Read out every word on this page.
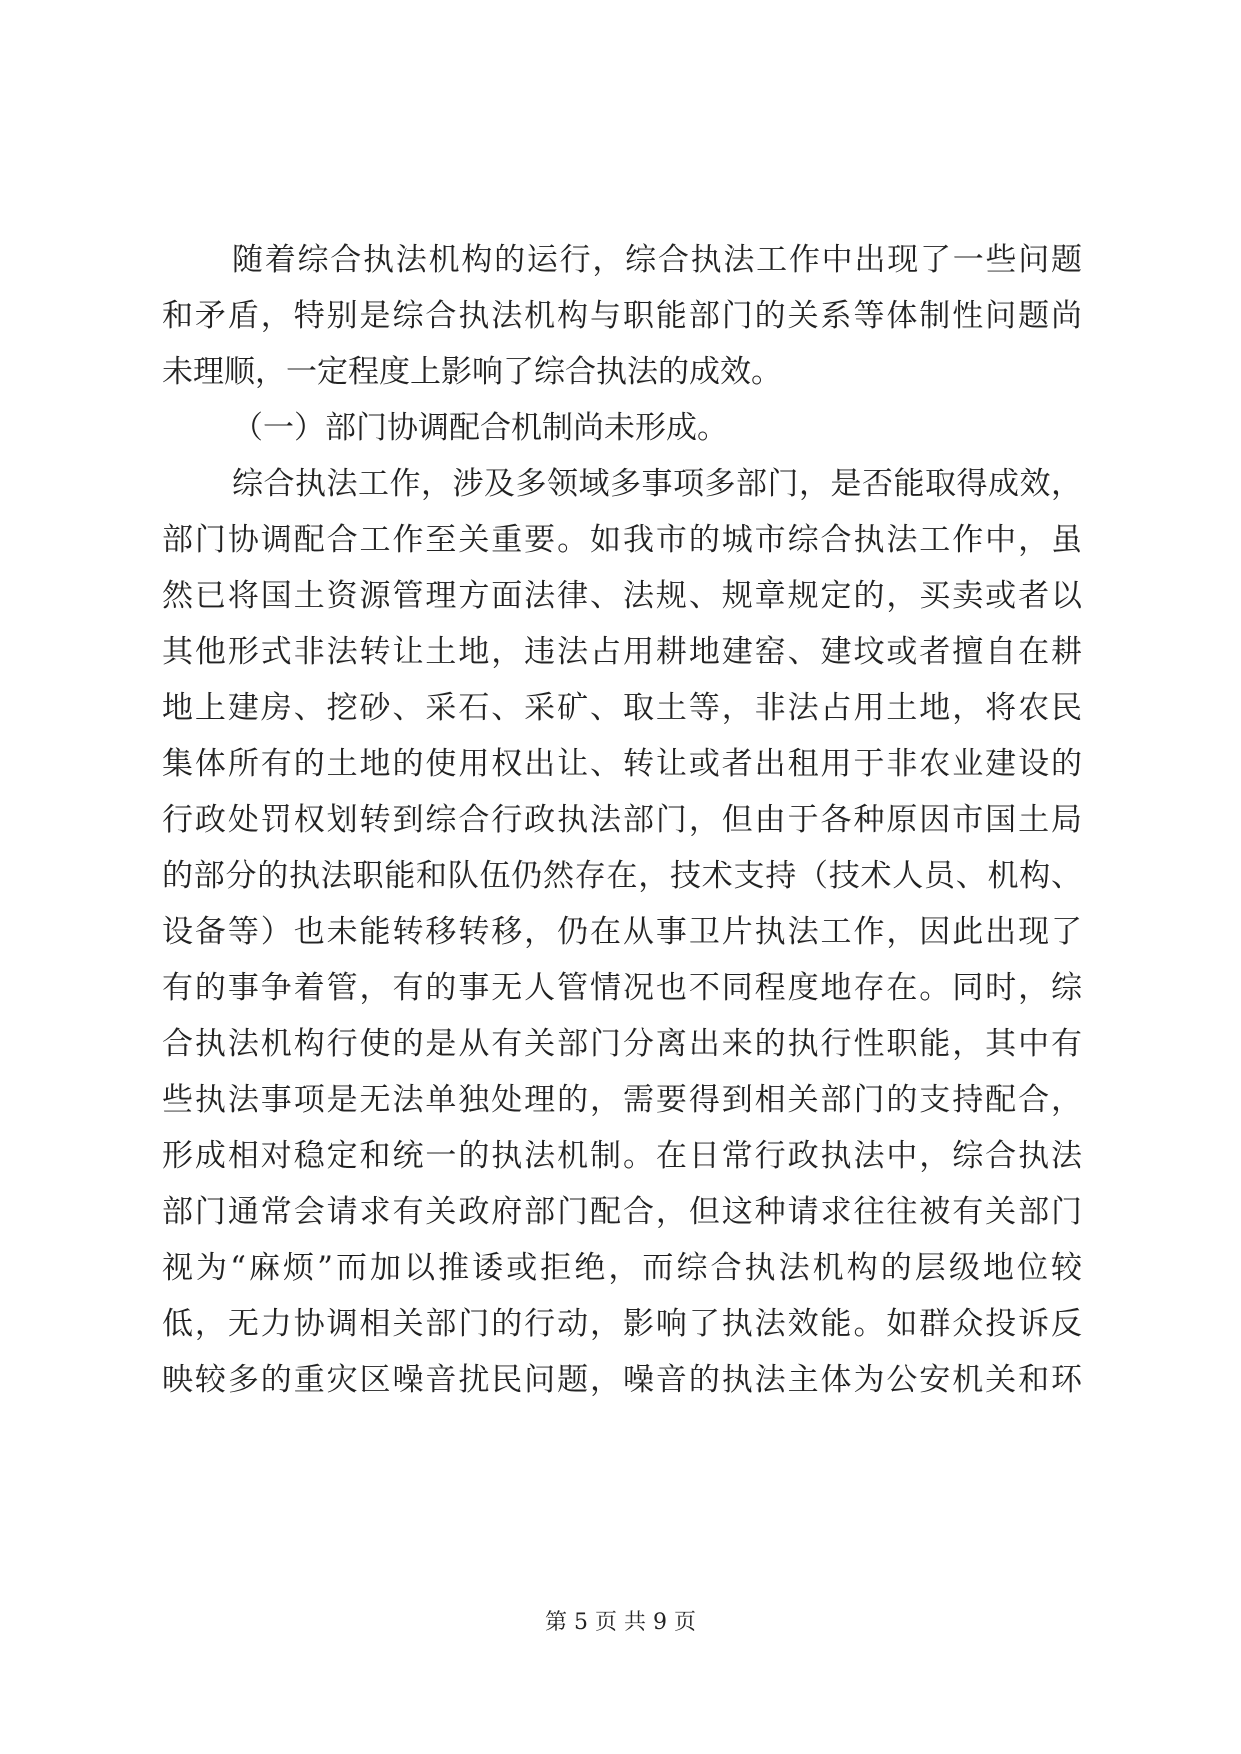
随着综合执法机构的运行，综合执法工作中出现了一些问题
和矛盾，特别是综合执法机构与职能部门的关系等体制性问题尚
未理顺，一定程度上影响了综合执法的成效。
（一）部门协调配合机制尚未形成。
综合执法工作，涉及多领域多事项多部门，是否能取得成效，
部门协调配合工作至关重要。如我市的城市综合执法工作中，虽
然已将国土资源管理方面法律、法规、规章规定的，买卖或者以
其他形式非法转让土地，违法占用耕地建窑、建坟或者擅自在耕
地上建房、挖砂、采石、采矿、取土等，非法占用土地，将农民
集体所有的土地的使用权出让、转让或者出租用于非农业建设的
行政处罚权划转到综合行政执法部门，但由于各种原因市国土局
的部分的执法职能和队伍仍然存在，技术支持（技术人员、机构、
设备等）也未能转移转移，仍在从事卫片执法工作，因此出现了
有的事争着管，有的事无人管情况也不同程度地存在。同时，综
合执法机构行使的是从有关部门分离出来的执行性职能，其中有
些执法事项是无法单独处理的，需要得到相关部门的支持配合，
形成相对稳定和统一的执法机制。在日常行政执法中，综合执法
部门通常会请求有关政府部门配合，但这种请求往往被有关部门
视为“麻烦”而加以推诿或拒绝，而综合执法机构的层级地位较
低，无力协调相关部门的行动，影响了执法效能。如群众投诉反
映较多的重灾区噪音扰民问题，噪音的执法主体为公安机关和环
第 5 页 共 9 页
